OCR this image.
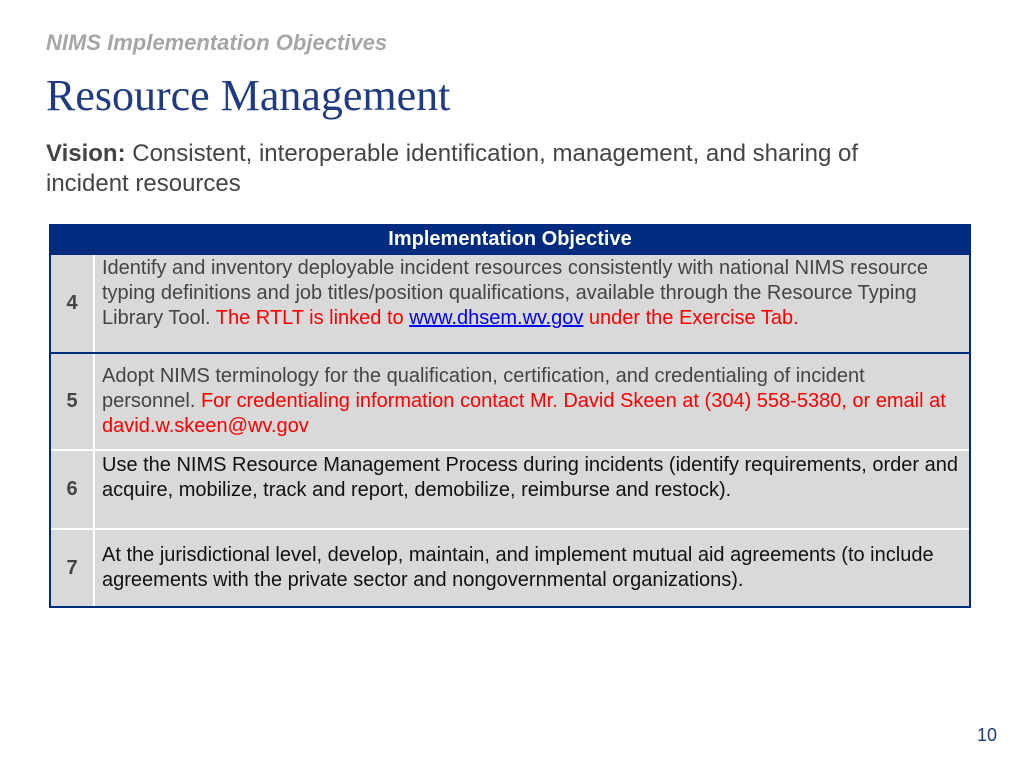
NIMS Implementation Objectives
Resource Management
Vision: Consistent, interoperable identification, management, and sharing of incident resources
Implementation Objective
4
Identify and inventory deployable incident resources consistently with national NIMS resource typing definitions and job titles/position qualifications, available through the Resource Typing Library Tool. The RTLT is linked to www.dhsem.wv.gov under the Exercise Tab.
5
Adopt NIMS terminology for the qualification, certification, and credentialing of incident personnel. For credentialing information contact Mr. David Skeen at (304) 558-5380, or email at david.w.skeen@wv.gov
6
Use the NIMS Resource Management Process during incidents (identify requirements, order and acquire, mobilize, track and report, demobilize, reimburse and restock).
7
At the jurisdictional level, develop, maintain, and implement mutual aid agreements (to include agreements with the private sector and nongovernmental organizations).
10
